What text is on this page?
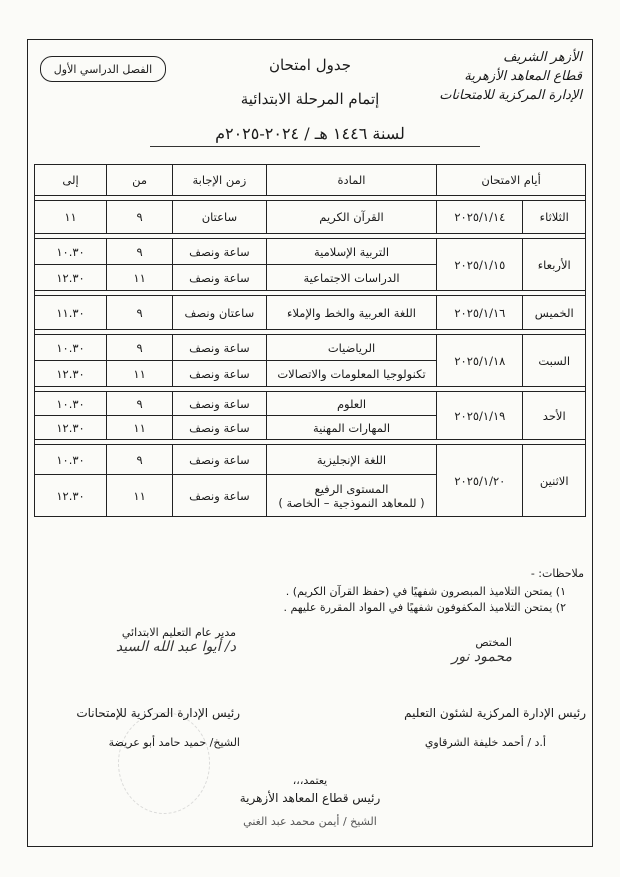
الفصل الدراسي الأول	جدول امتحان
إتمام المرحلة الابتدائية
لسنة ١٤٤٦ هـ / ٢٠٢٤-٢٠٢٥م
الأزهر الشريف
قطاع المعاهد الأزهرية
الإدارة المركزية للامتحانات
أيام الامتحان		المادة	زمن الإجابة	من	إلى

الثلاثاء	٢٠٢٥/١/١٤	القرآن الكريم	ساعتان	٩	١١

الأربعاء	٢٠٢٥/١/١٥	التربية الإسلامية	ساعة ونصف	٩	١٠.٣٠
		الدراسات الاجتماعية	ساعة ونصف	١١	١٢.٣٠

الخميس	٢٠٢٥/١/١٦	اللغة العربية والخط والإملاء	ساعتان ونصف	٩	١١.٣٠

السبت	٢٠٢٥/١/١٨	الرياضيات	ساعة ونصف	٩	١٠.٣٠
		تكنولوجيا المعلومات والاتصالات	ساعة ونصف	١١	١٢.٣٠

الأحد	٢٠٢٥/١/١٩	العلوم	ساعة ونصف	٩	١٠.٣٠
		المهارات المهنية	ساعة ونصف	١١	١٢.٣٠

الاثنين	٢٠٢٥/١/٢٠	اللغة الإنجليزية	ساعة ونصف	٩	١٠.٣٠

		المستوى الرفيع
( للمعاهد النموذجية – الخاصة )	ساعة ونصف	١١	١٢.٣٠
ملاحظات: -
١) يمتحن التلاميذ المبصرون شفهيًا في (حفظ القرآن الكريم) .
٢) يمتحن التلاميذ المكفوفون شفهيًا في المواد المقررة عليهم .
المختص
محمود نور
مدير عام التعليم الابتدائي
د/ أيوا عبد الله السيد
رئيس الإدارة المركزية لشئون التعليم
أ.د / أحمد خليفة الشرقاوي
رئيس الإدارة المركزية للإمتحانات
الشيخ/ حميد حامد أبو عريضة
يعتمد،،،
رئيس قطاع المعاهد الأزهرية
الشيخ / أيمن محمد عبد الغني
